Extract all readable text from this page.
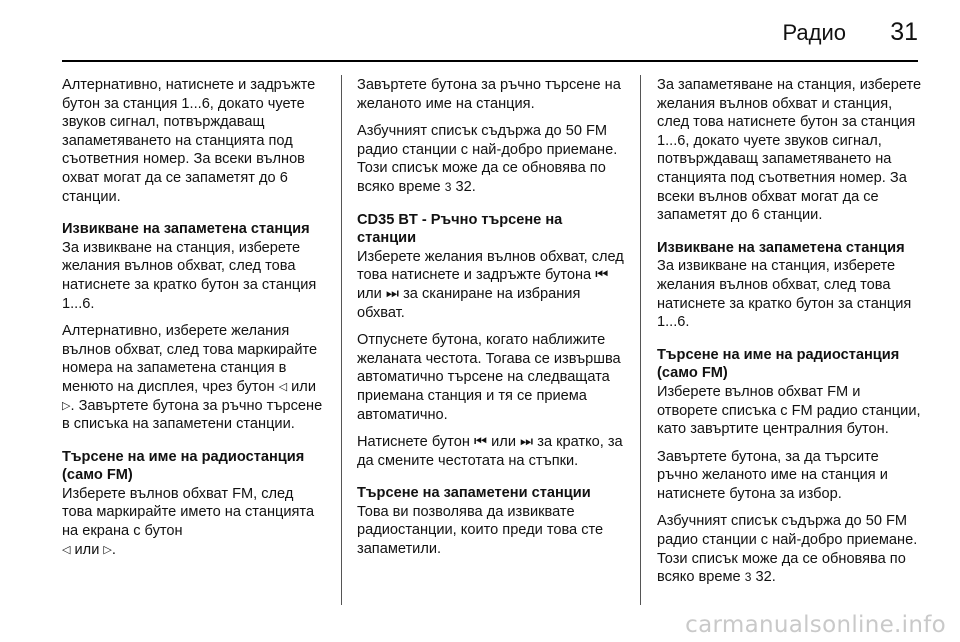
Радио 31

Алтернативно, натиснете и задръжте бутон за станция 1...6, докато чуете звуков сигнал, потвърждаващ запаметяването на станцията под съответния номер. За всеки вълнов охват могат да се запаметят до 6 станции.

Извикване на запаметена станция

За извикване на станция, изберете желания вълнов обхват, след това натиснете за кратко бутон за станция 1...6.

Алтернативно, изберете желания вълнов обхват, след това маркирайте номера на запаметена станция в менюто на дисплея, чрез бутон ◁ или ▷. Завъртете бутона за ръчно търсене в списъка на запаметени станции.

Търсене на име на радиостанция (само FM)

Изберете вълнов обхват FM, след това маркирайте името на станцията на екрана с бутон
◁ или ▷.

Завъртете бутона за ръчно търсене на желаното име на станция.

Азбучният списък съдържа до 50 FM радио станции с най-добро приемане. Този списък може да се обновява по всяко време 3 32.

CD35 BT - Ръчно търсене на станции

Изберете желания вълнов обхват, след това натиснете и задръжте бутона ⏮ или ⏭ за сканиране на избрания обхват.

Отпуснете бутона, когато наближите желаната честота. Тогава се извършва автоматично търсене на следващата приемана станция и тя се приема автоматично.

Натиснете бутон ⏮ или ⏭ за кратко, за да смените честотата на стъпки.

Търсене на запаметени станции

Това ви позволява да извиквате радиостанции, които преди това сте запаметили.

За запаметяване на станция, изберете желания вълнов обхват и станция, след това натиснете бутон за станция 1...6, докато чуете звуков сигнал, потвърждаващ запаметяването на станцията под съответния номер. За всеки вълнов обхват могат да се запаметят до 6 станции.

Извикване на запаметена станция

За извикване на станция, изберете желания вълнов обхват, след това натиснете за кратко бутон за станция 1...6.

Търсене на име на радиостанция (само FM)

Изберете вълнов обхват FM и отворете списъка с FM радио станции, като завъртите централния бутон.

Завъртете бутона, за да търсите ръчно желаното име на станция и натиснете бутона за избор.

Азбучният списък съдържа до 50 FM радио станции с най-добро приемане. Този списък може да се обновява по всяко време 3 32.

carmanualsonline.info
